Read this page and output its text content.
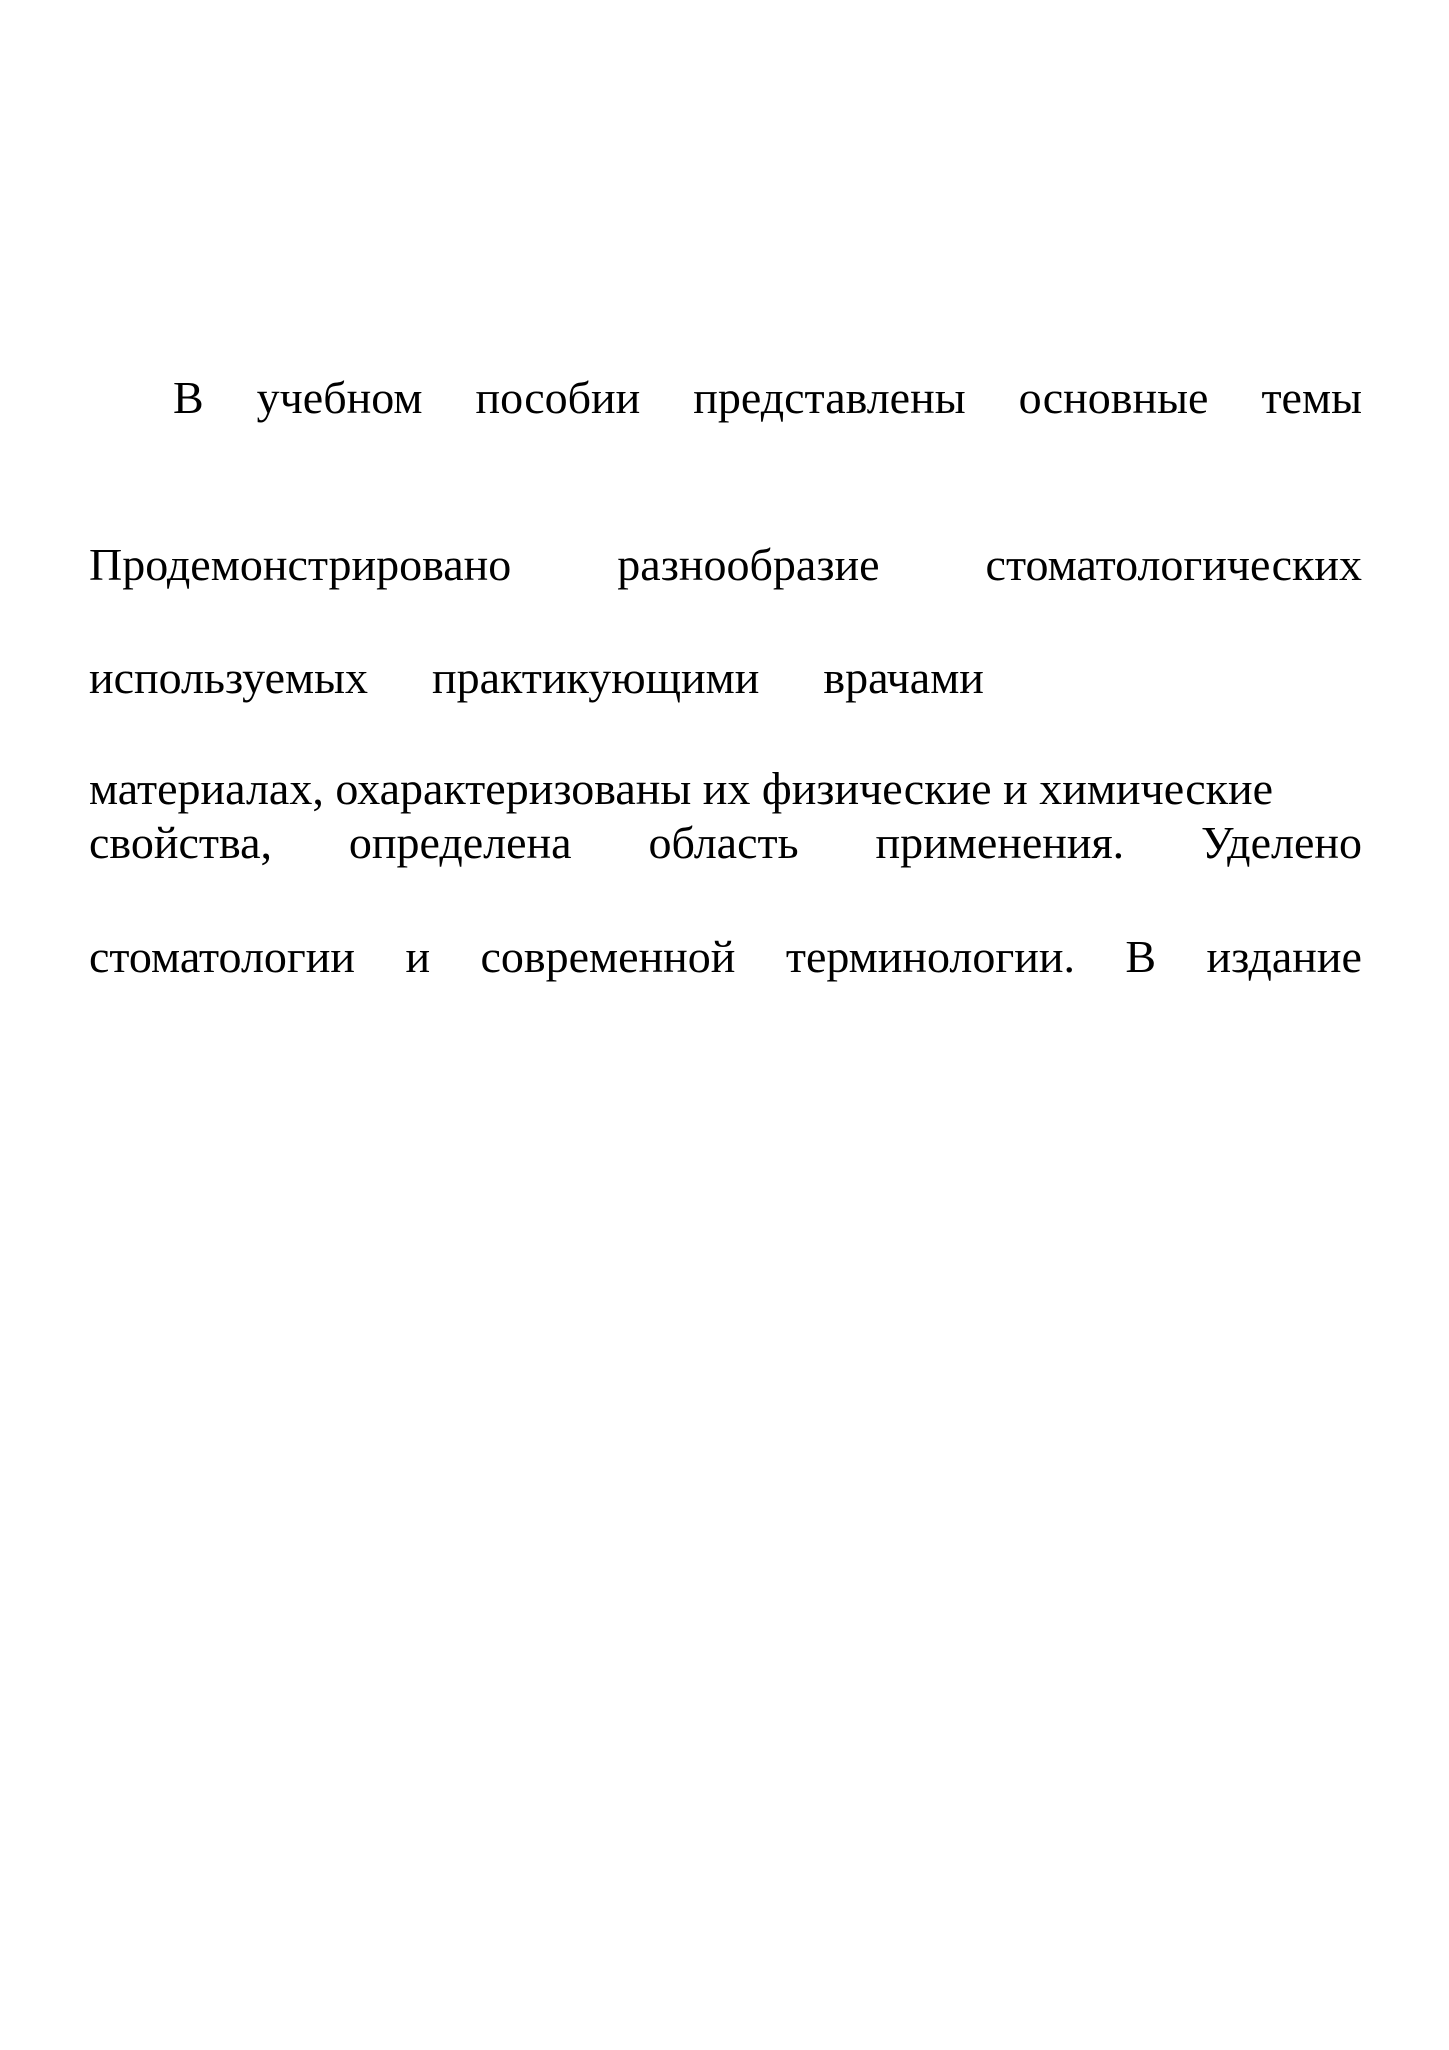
В учебном пособии представлены основные темы
Продемонстрировано разнообразие стоматологических
используемых практикующими врачами
материалах, охарактеризованы их физические и химические
свойства, определена область применения. Уделено
стоматологии и современной терминологии. В издание
